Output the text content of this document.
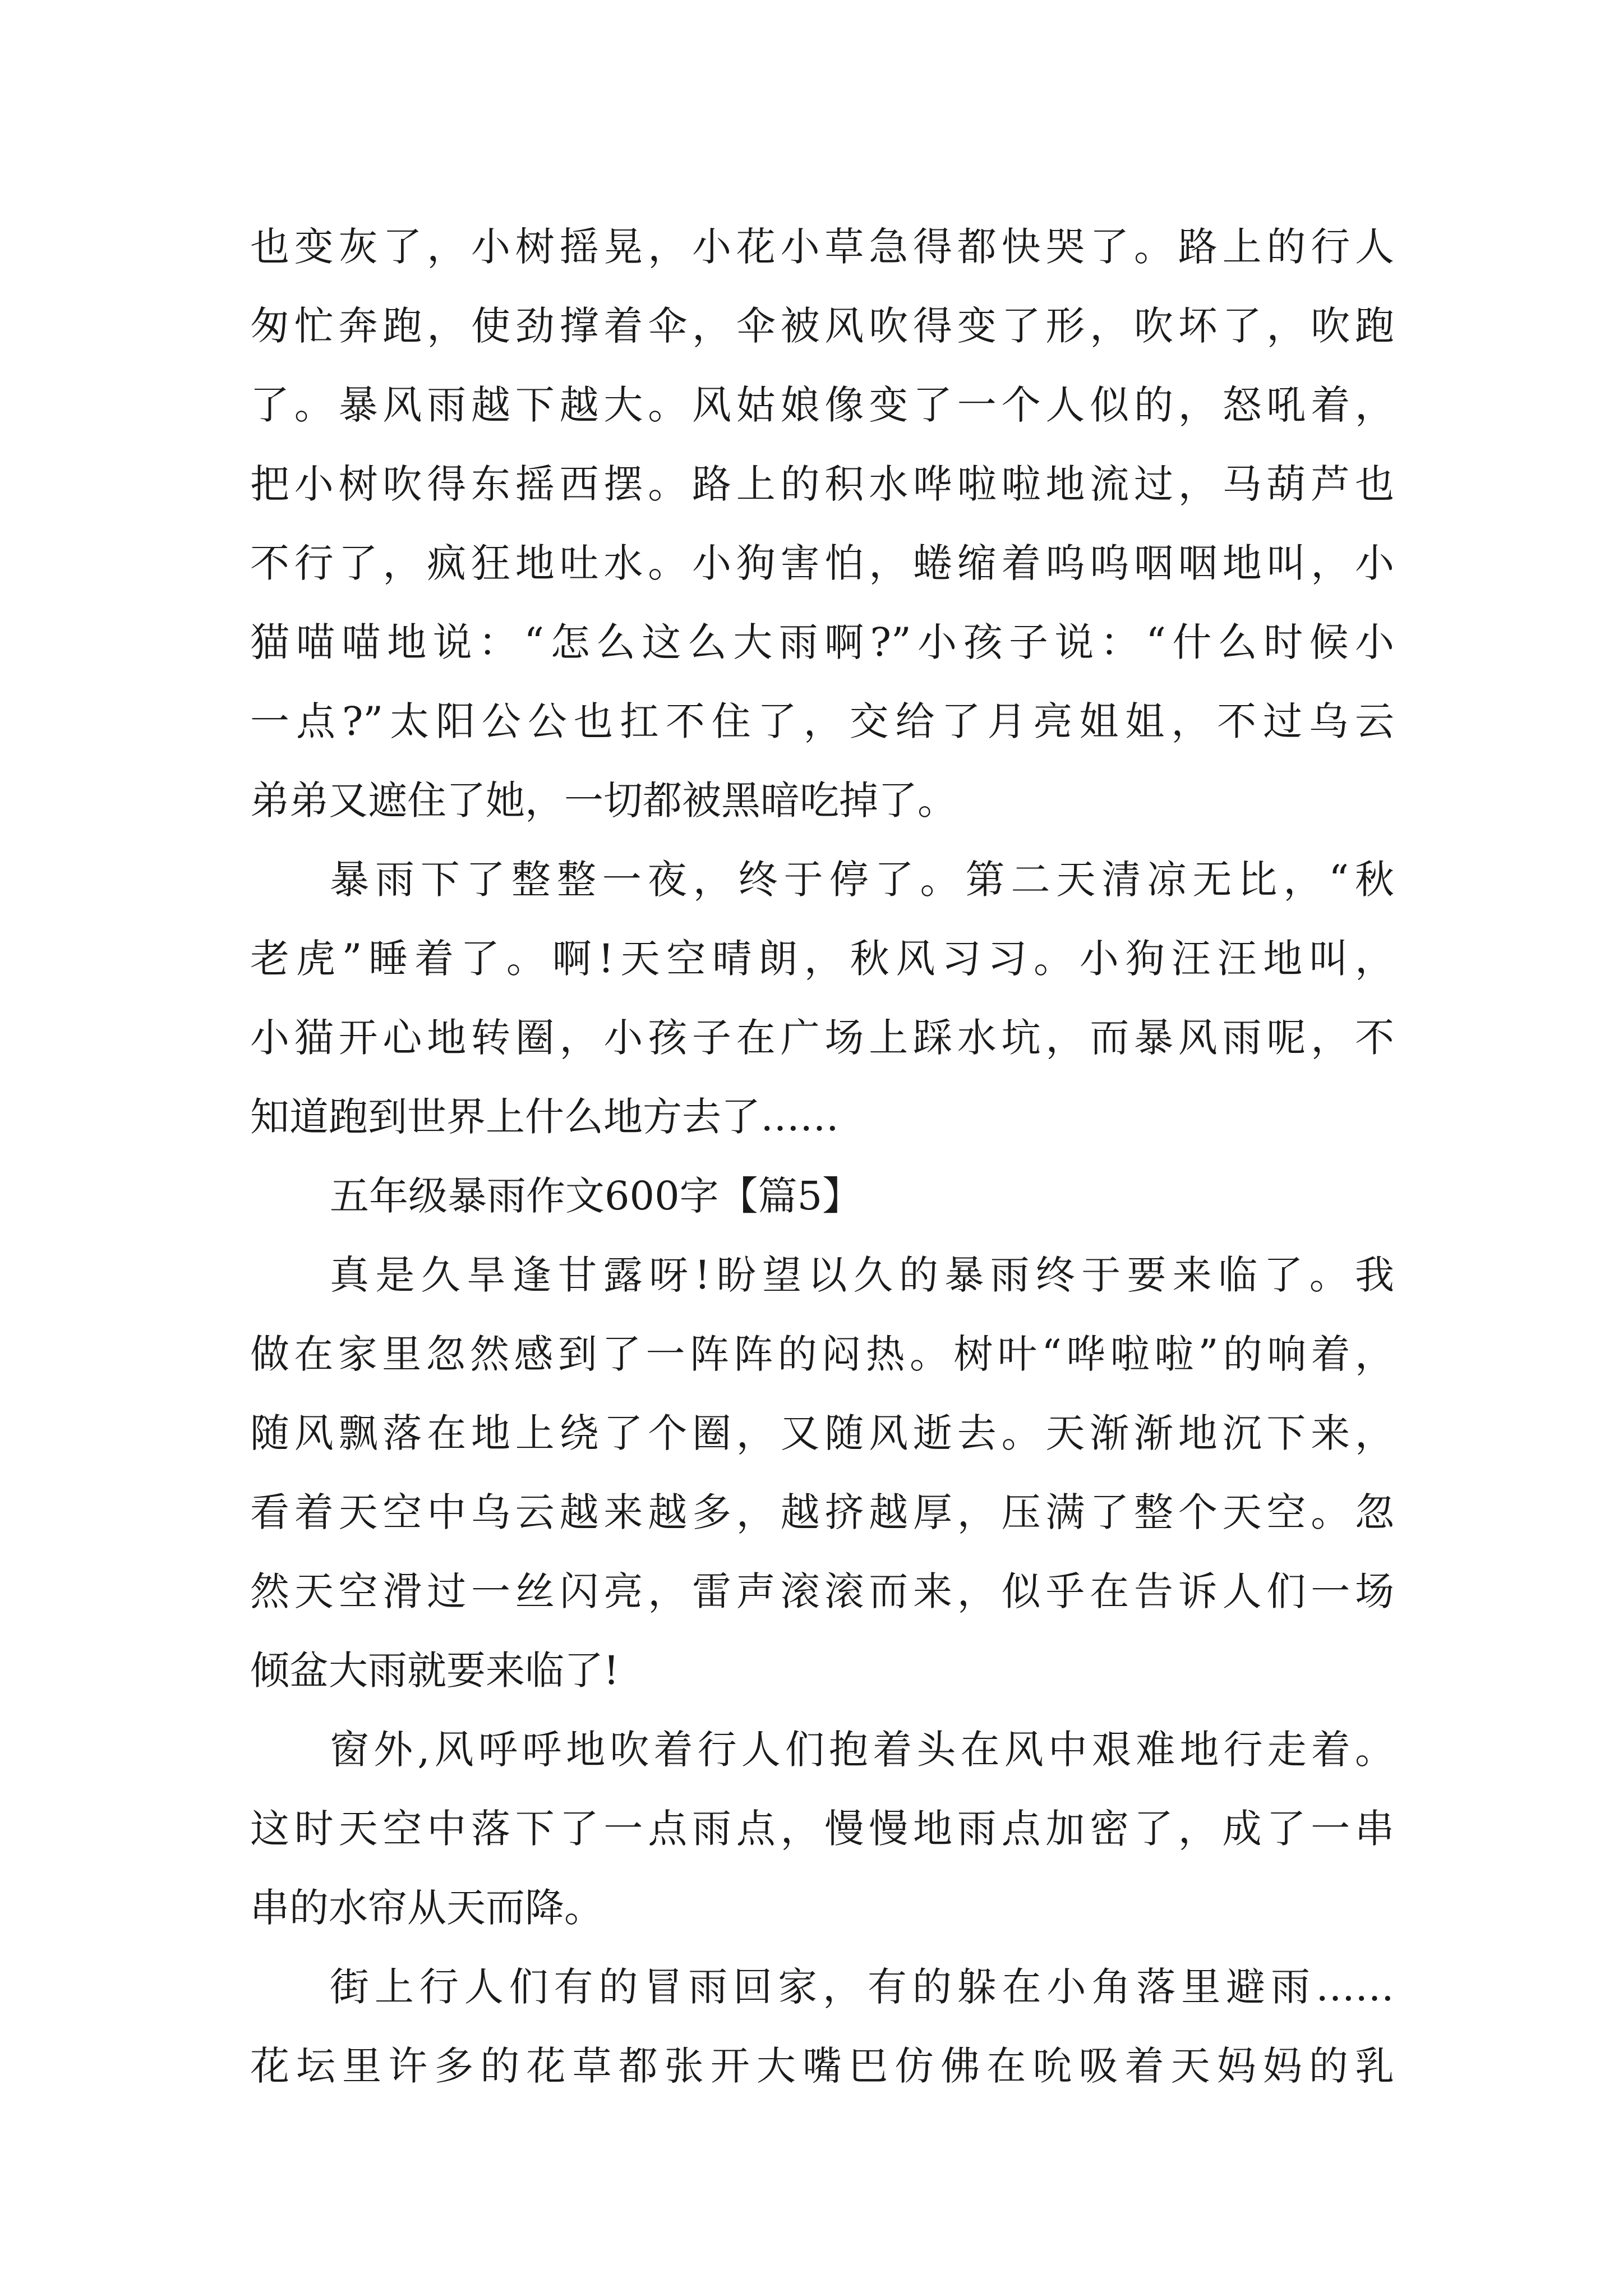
也变灰了，小树摇晃，小花小草急得都快哭了。路上的行人
匆忙奔跑，使劲撑着伞，伞被风吹得变了形，吹坏了，吹跑
了。暴风雨越下越大。风姑娘像变了一个人似的，怒吼着，
把小树吹得东摇西摆。路上的积水哗啦啦地流过，马葫芦也
不行了，疯狂地吐水。小狗害怕，蜷缩着呜呜咽咽地叫，小
猫喵喵地说：“怎么这么大雨啊?”小孩子说：“什么时候小
一点?”太阳公公也扛不住了，交给了月亮姐姐，不过乌云
弟弟又遮住了她，一切都被黑暗吃掉了。
暴雨下了整整一夜，终于停了。第二天清凉无比，“秋
老虎”睡着了。啊!天空晴朗，秋风习习。小狗汪汪地叫，
小猫开心地转圈，小孩子在广场上踩水坑，而暴风雨呢，不
知道跑到世界上什么地方去了……
五年级暴雨作文600字【篇5】
真是久旱逢甘露呀!盼望以久的暴雨终于要来临了。我
做在家里忽然感到了一阵阵的闷热。树叶“哗啦啦”的响着，
随风飘落在地上绕了个圈，又随风逝去。天渐渐地沉下来，
看着天空中乌云越来越多，越挤越厚，压满了整个天空。忽
然天空滑过一丝闪亮，雷声滚滚而来，似乎在告诉人们一场
倾盆大雨就要来临了!
窗外,风呼呼地吹着行人们抱着头在风中艰难地行走着。
这时天空中落下了一点雨点，慢慢地雨点加密了，成了一串
串的水帘从天而降。
街上行人们有的冒雨回家，有的躲在小角落里避雨……
花坛里许多的花草都张开大嘴巴仿佛在吮吸着天妈妈的乳
